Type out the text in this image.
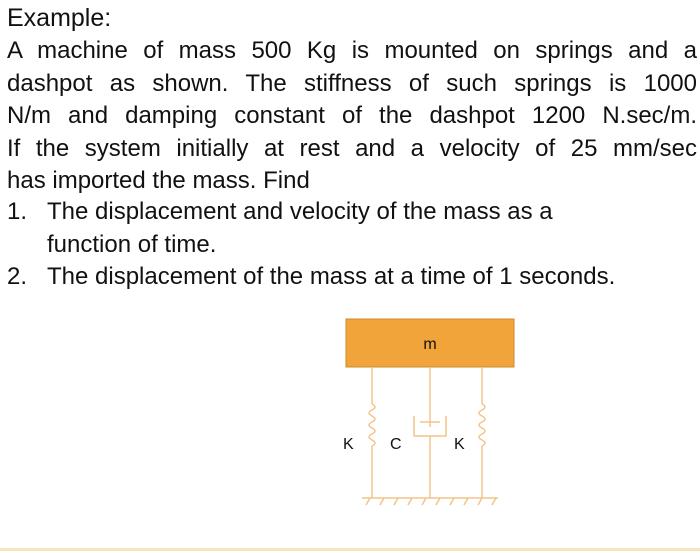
Example:
A machine of mass 500 Kg is mounted on springs and a
dashpot as shown. The stiffness of such springs is 1000
N/m and damping constant of the dashpot 1200 N.sec/m.
If the system initially at rest and a velocity of 25 mm/sec
has imported the mass. Find
1. The displacement and velocity of the mass as a
function of time.
2. The displacement of the mass at a time of 1 seconds.
m
K C	K
